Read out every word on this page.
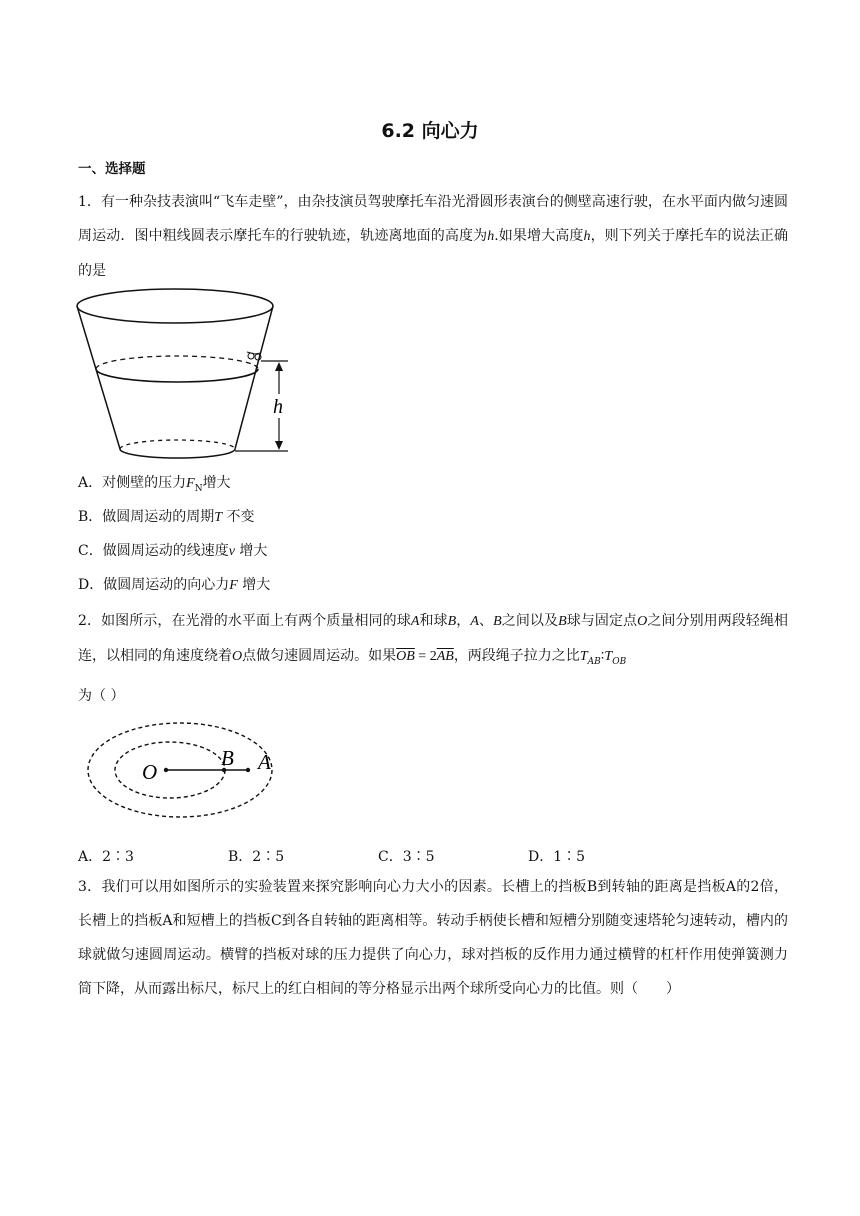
6.2 向心力
一、选择题

1．有一种杂技表演叫“飞车走壁”，由杂技演员驾驶摩托车沿光滑圆形表演台的侧壁高速行驶，在水平面内做匀速圆周运动．图中粗线圆表示摩托车的行驶轨迹，轨迹离地面的高度为h.如果增大高度h，则下列关于摩托车的说法正确的是

h
A．对侧壁的压力$F_N$增大
B．做圆周运动的周期T 不变
C．做圆周运动的线速度v 增大
D．做圆周运动的向心力F 增大

2．如图所示，在光滑的水平面上有两个质量相同的球A和球B，A、B之间以及B球与固定点O之间分别用两段轻绳相连，以相同的角速度绕着O点做匀速圆周运动。如果$\overline{OB} = 2\overline{AB}$，两段绳子拉力之比$T_{AB}∶T_{OB}$
为（ ）

O
B A
A．2∶3	B．2∶5	C．3∶5	D．1∶5

3．我们可以用如图所示的实验装置来探究影响向心力大小的因素。长槽上的挡板B到转轴的距离是挡板A的2倍，长槽上的挡板A和短槽上的挡板C到各自转轴的距离相等。转动手柄使长槽和短槽分别随变速塔轮匀速转动，槽内的球就做匀速圆周运动。横臂的挡板对球的压力提供了向心力，球对挡板的反作用力通过横臂的杠杆作用使弹簧测力筒下降，从而露出标尺，标尺上的红白相间的等分格显示出两个球所受向心力的比值。则（　　）
